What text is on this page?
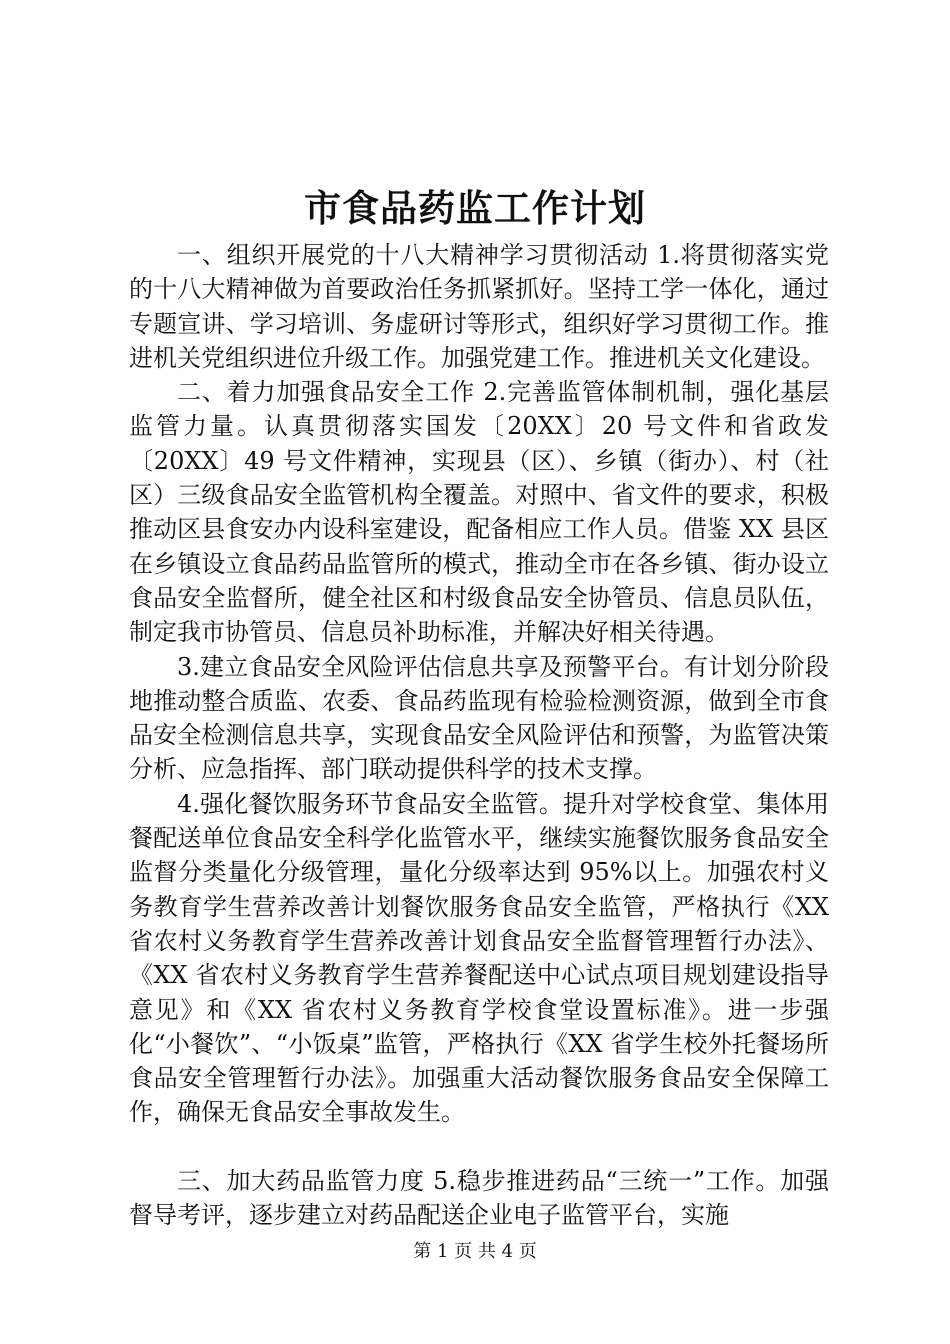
市食品药监工作计划

一、组织开展党的十八大精神学习贯彻活动 1.将贯彻落实党的十八大精神做为首要政治任务抓紧抓好。坚持工学一体化，通过专题宣讲、学习培训、务虚研讨等形式，组织好学习贯彻工作。推进机关党组织进位升级工作。加强党建工作。推进机关文化建设。

二、着力加强食品安全工作 2.完善监管体制机制，强化基层监管力量。认真贯彻落实国发〔20XX〕20 号文件和省政发〔20XX〕49 号文件精神，实现县（区）、乡镇（街办）、村（社区）三级食品安全监管机构全覆盖。对照中、省文件的要求，积极推动区县食安办内设科室建设，配备相应工作人员。借鉴 XX 县区在乡镇设立食品药品监管所的模式，推动全市在各乡镇、街办设立食品安全监督所，健全社区和村级食品安全协管员、信息员队伍，制定我市协管员、信息员补助标准，并解决好相关待遇。

3.建立食品安全风险评估信息共享及预警平台。有计划分阶段地推动整合质监、农委、食品药监现有检验检测资源，做到全市食品安全检测信息共享，实现食品安全风险评估和预警，为监管决策分析、应急指挥、部门联动提供科学的技术支撑。

4.强化餐饮服务环节食品安全监管。提升对学校食堂、集体用餐配送单位食品安全科学化监管水平，继续实施餐饮服务食品安全监督分类量化分级管理，量化分级率达到 95%以上。加强农村义务教育学生营养改善计划餐饮服务食品安全监管，严格执行《XX 省农村义务教育学生营养改善计划食品安全监督管理暂行办法》、《XX 省农村义务教育学生营养餐配送中心试点项目规划建设指导意见》和《XX 省农村义务教育学校食堂设置标准》。进一步强化“小餐饮”、“小饭桌”监管，严格执行《XX 省学生校外托餐场所食品安全管理暂行办法》。加强重大活动餐饮服务食品安全保障工作，确保无食品安全事故发生。

三、加大药品监管力度 5.稳步推进药品“三统一”工作。加强督导考评，逐步建立对药品配送企业电子监管平台，实施

第 1 页 共 4 页
